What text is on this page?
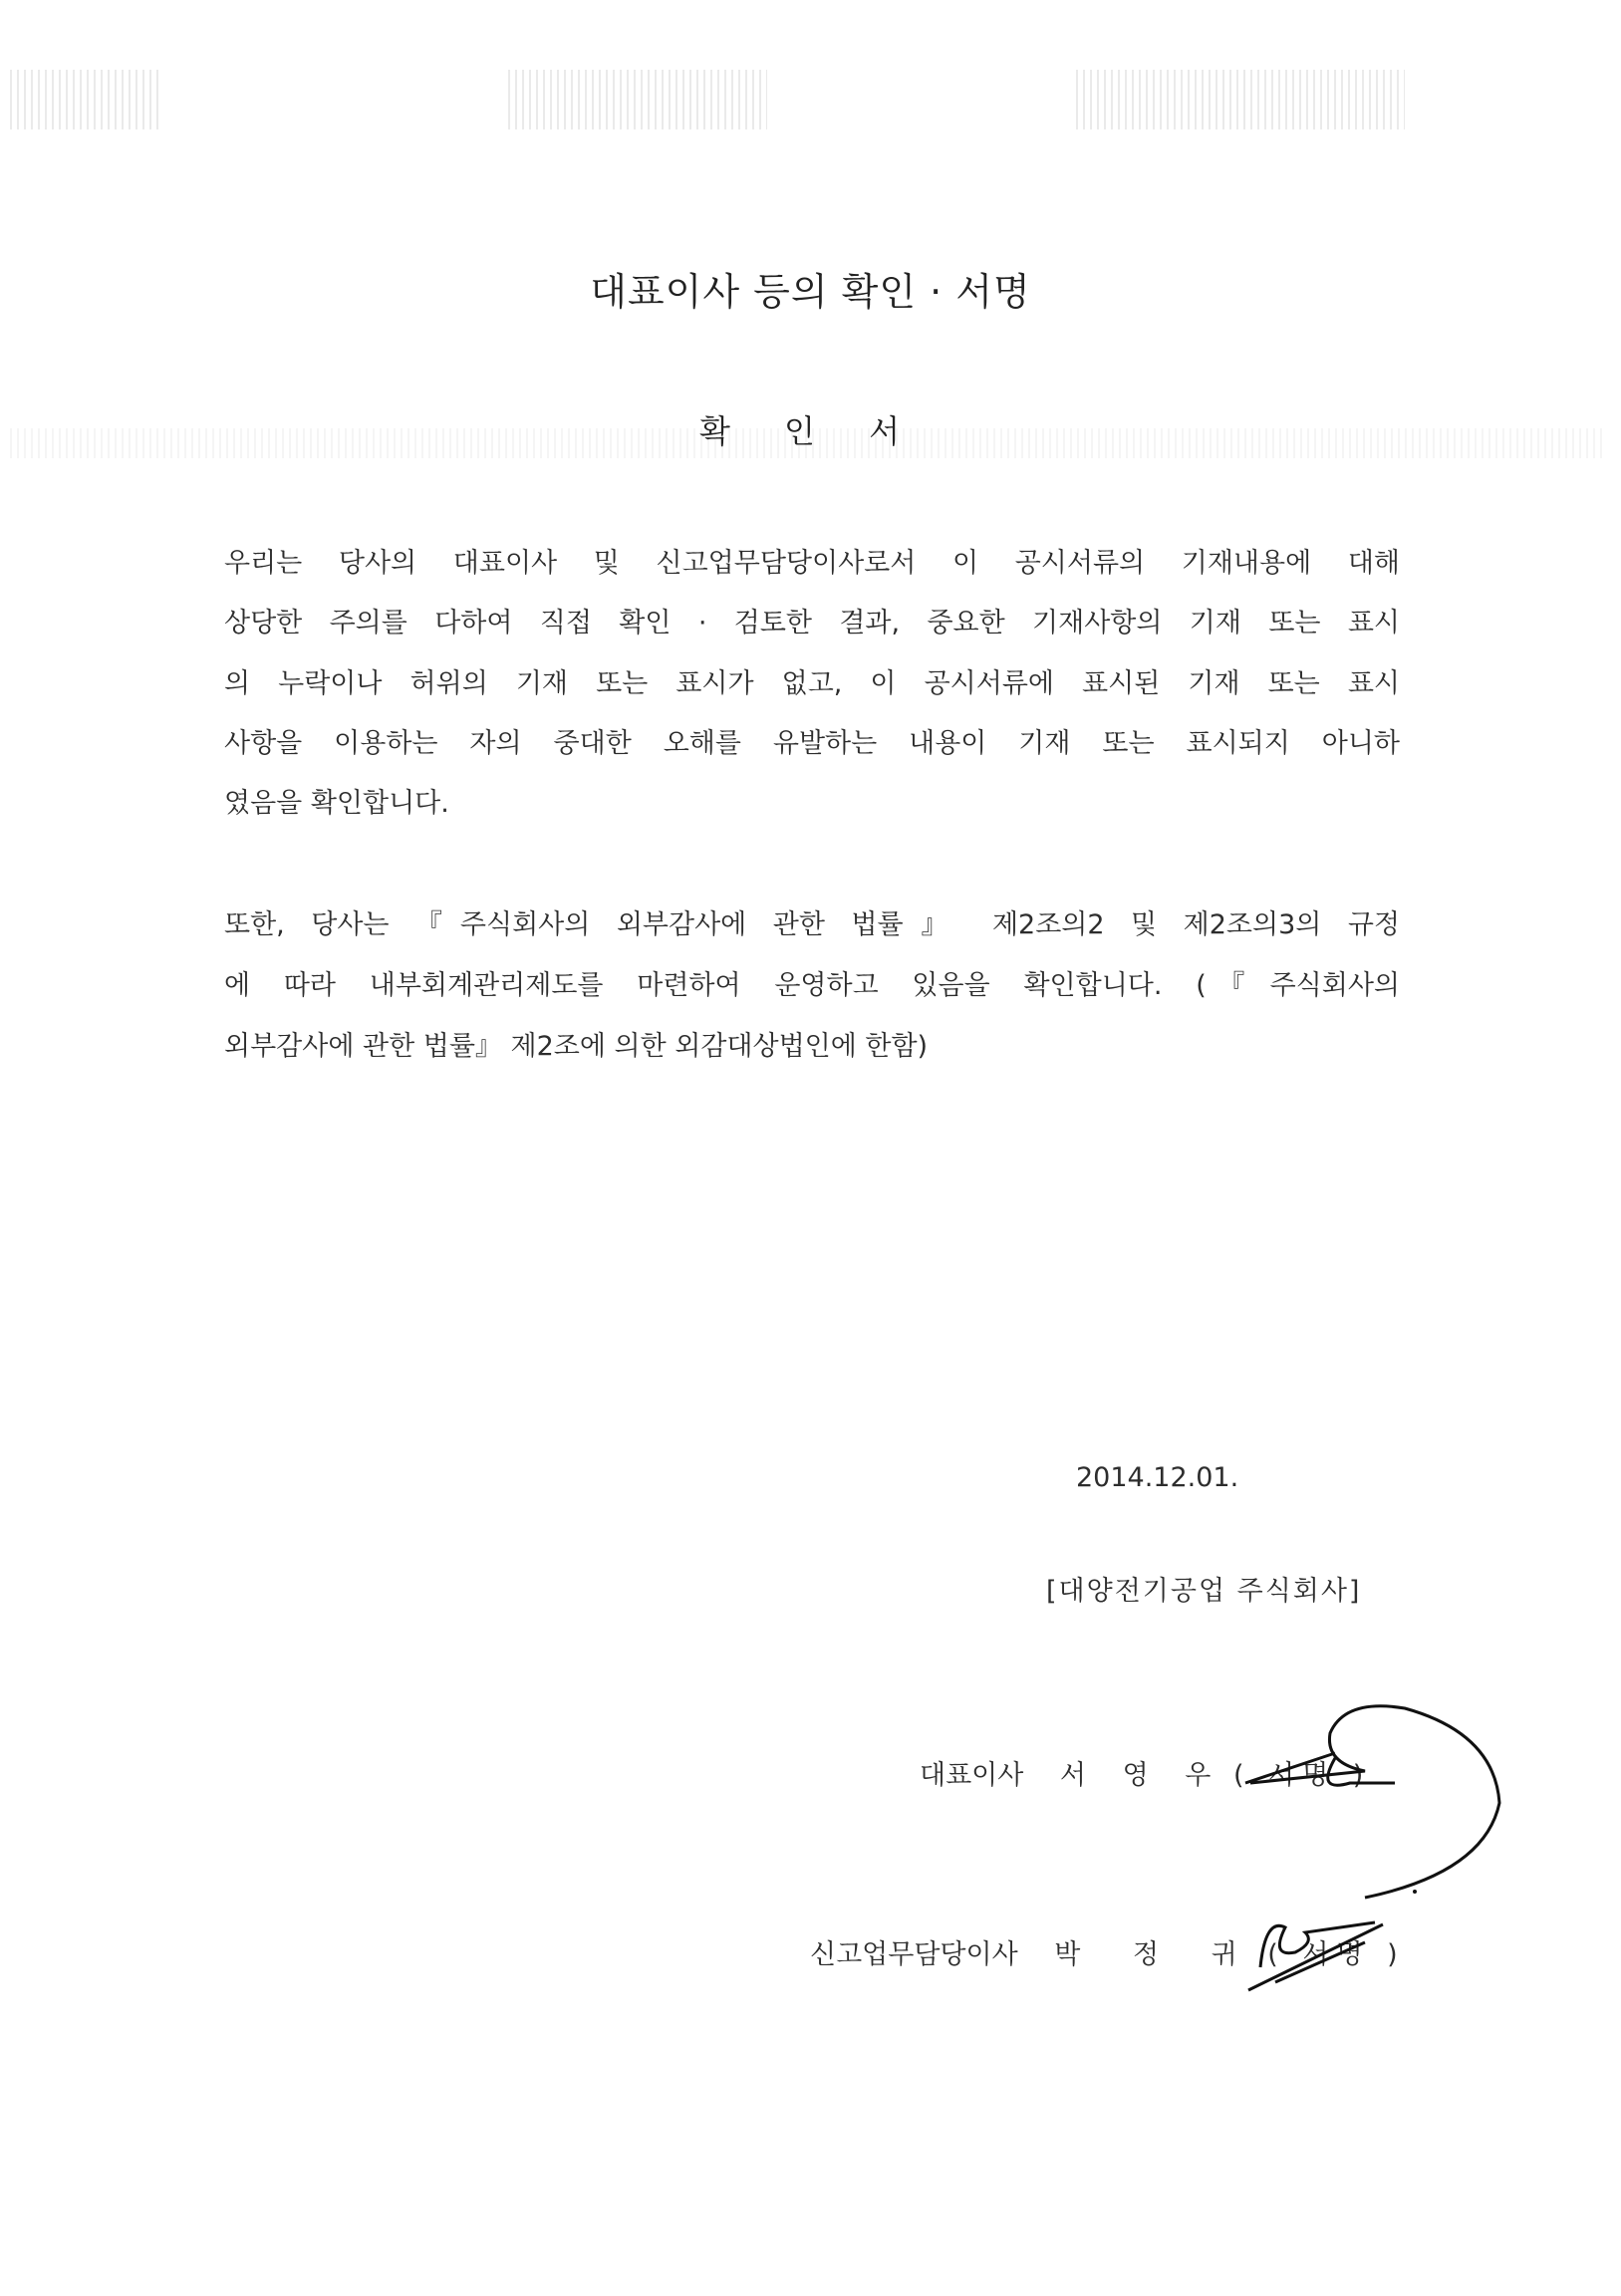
대표이사 등의 확인 · 서명
확 인 서
우리는 당사의 대표이사 및 신고업무담당이사로서 이 공시서류의 기재내용에 대해
상당한 주의를 다하여 직접 확인 · 검토한 결과, 중요한 기재사항의 기재 또는 표시
의 누락이나 허위의 기재 또는 표시가 없고, 이 공시서류에 표시된 기재 또는 표시
사항을 이용하는 자의 중대한 오해를 유발하는 내용이 기재 또는 표시되지 아니하
였음을 확인합니다.
또한, 당사는 『주식회사의 외부감사에 관한 법률』 제2조의2 및 제2조의3의 규정
에 따라 내부회계관리제도를 마련하여 운영하고 있음을 확인합니다. (『주식회사의
외부감사에 관한 법률』 제2조에 의한 외감대상법인에 한함)
2014.12.01.
[대양전기공업 주식회사]
대표이사 서 영 우 ( 서명 )
신고업무담당이사 박 정 귀 ( 서명 )
